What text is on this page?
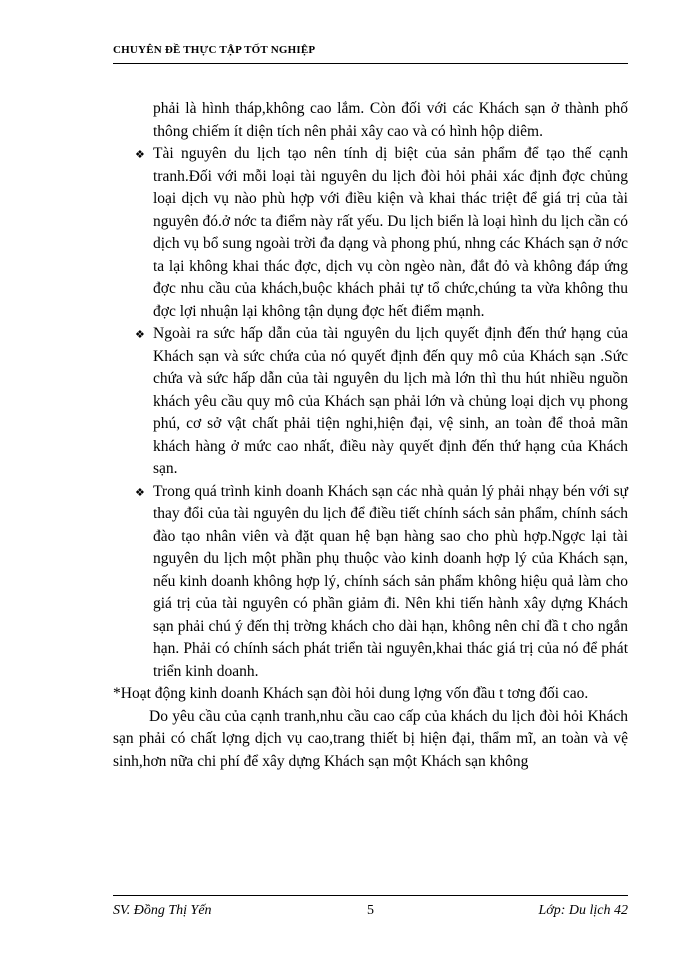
CHUYÊN ĐỀ THỰC TẬP TỐT NGHIỆP

phải là hình tháp,không cao lắm. Còn đối với các Khách sạn ở thành phố thông chiếm ít diện tích nên phải xây cao và có hình hộp diêm.

❖ Tài nguyên du lịch tạo nên tính dị biệt của sản phẩm để tạo thế cạnh tranh.Đối với mỗi loại tài nguyên du lịch đòi hỏi phải xác định đợc chủng loại dịch vụ nào phù hợp với điều kiện và khai thác triệt để giá trị của tài nguyên đó.ở nớc ta điểm này rất yếu. Du lịch biển là loại hình du lịch cần có dịch vụ bổ sung ngoài trời đa dạng và phong phú, nhng các Khách sạn ở nớc ta lại không khai thác đợc, dịch vụ còn ngèo nàn, đắt đỏ và không đáp ứng đợc nhu cầu của khách,buộc khách phải tự tổ chức,chúng ta vừa không thu đợc lợi nhuận lại không tận dụng đợc hết điểm mạnh.
❖ Ngoài ra sức hấp dẫn của tài nguyên du lịch quyết định đến thứ hạng của Khách sạn và sức chứa của nó quyết định đến quy mô của Khách sạn .Sức chứa và sức hấp dẫn của tài nguyên du lịch mà lớn thì thu hút nhiều nguồn khách yêu cầu quy mô của Khách sạn phải lớn và chủng loại dịch vụ phong phú, cơ sở vật chất phải tiện nghi,hiện đại, vệ sinh, an toàn để thoả mãn khách hàng ở mức cao nhất, điều này quyết định đến thứ hạng của Khách sạn.
❖ Trong quá trình kinh doanh Khách sạn các nhà quản lý phải nhạy bén với sự thay đổi của tài nguyên du lịch để điều tiết chính sách sản phẩm, chính sách đào tạo nhân viên và đặt quan hệ bạn hàng sao cho phù hợp.Ngợc lại tài nguyên du lịch một phần phụ thuộc vào kinh doanh hợp lý của Khách sạn, nếu kinh doanh không hợp lý, chính sách sản phẩm không hiệu quả làm cho giá trị của tài nguyên có phần giảm đi. Nên khi tiến hành xây dựng Khách sạn phải chú ý đến thị trờng khách cho dài hạn, không nên chỉ đầ t cho ngắn hạn. Phải có chính sách phát triển tài nguyên,khai thác giá trị của nó để phát triển kinh doanh.

*Hoạt động kinh doanh Khách sạn đòi hỏi dung lợng vốn đầu t tơng đối cao.

Do yêu cầu của cạnh tranh,nhu cầu cao cấp của khách du lịch đòi hỏi Khách sạn phải có chất lợng dịch vụ cao,trang thiết bị hiện đại, thẩm mĩ, an toàn và vệ sinh,hơn nữa chi phí để xây dựng Khách sạn một Khách sạn không

SV. Đồng Thị Yến	5	Lớp: Du lịch 42
